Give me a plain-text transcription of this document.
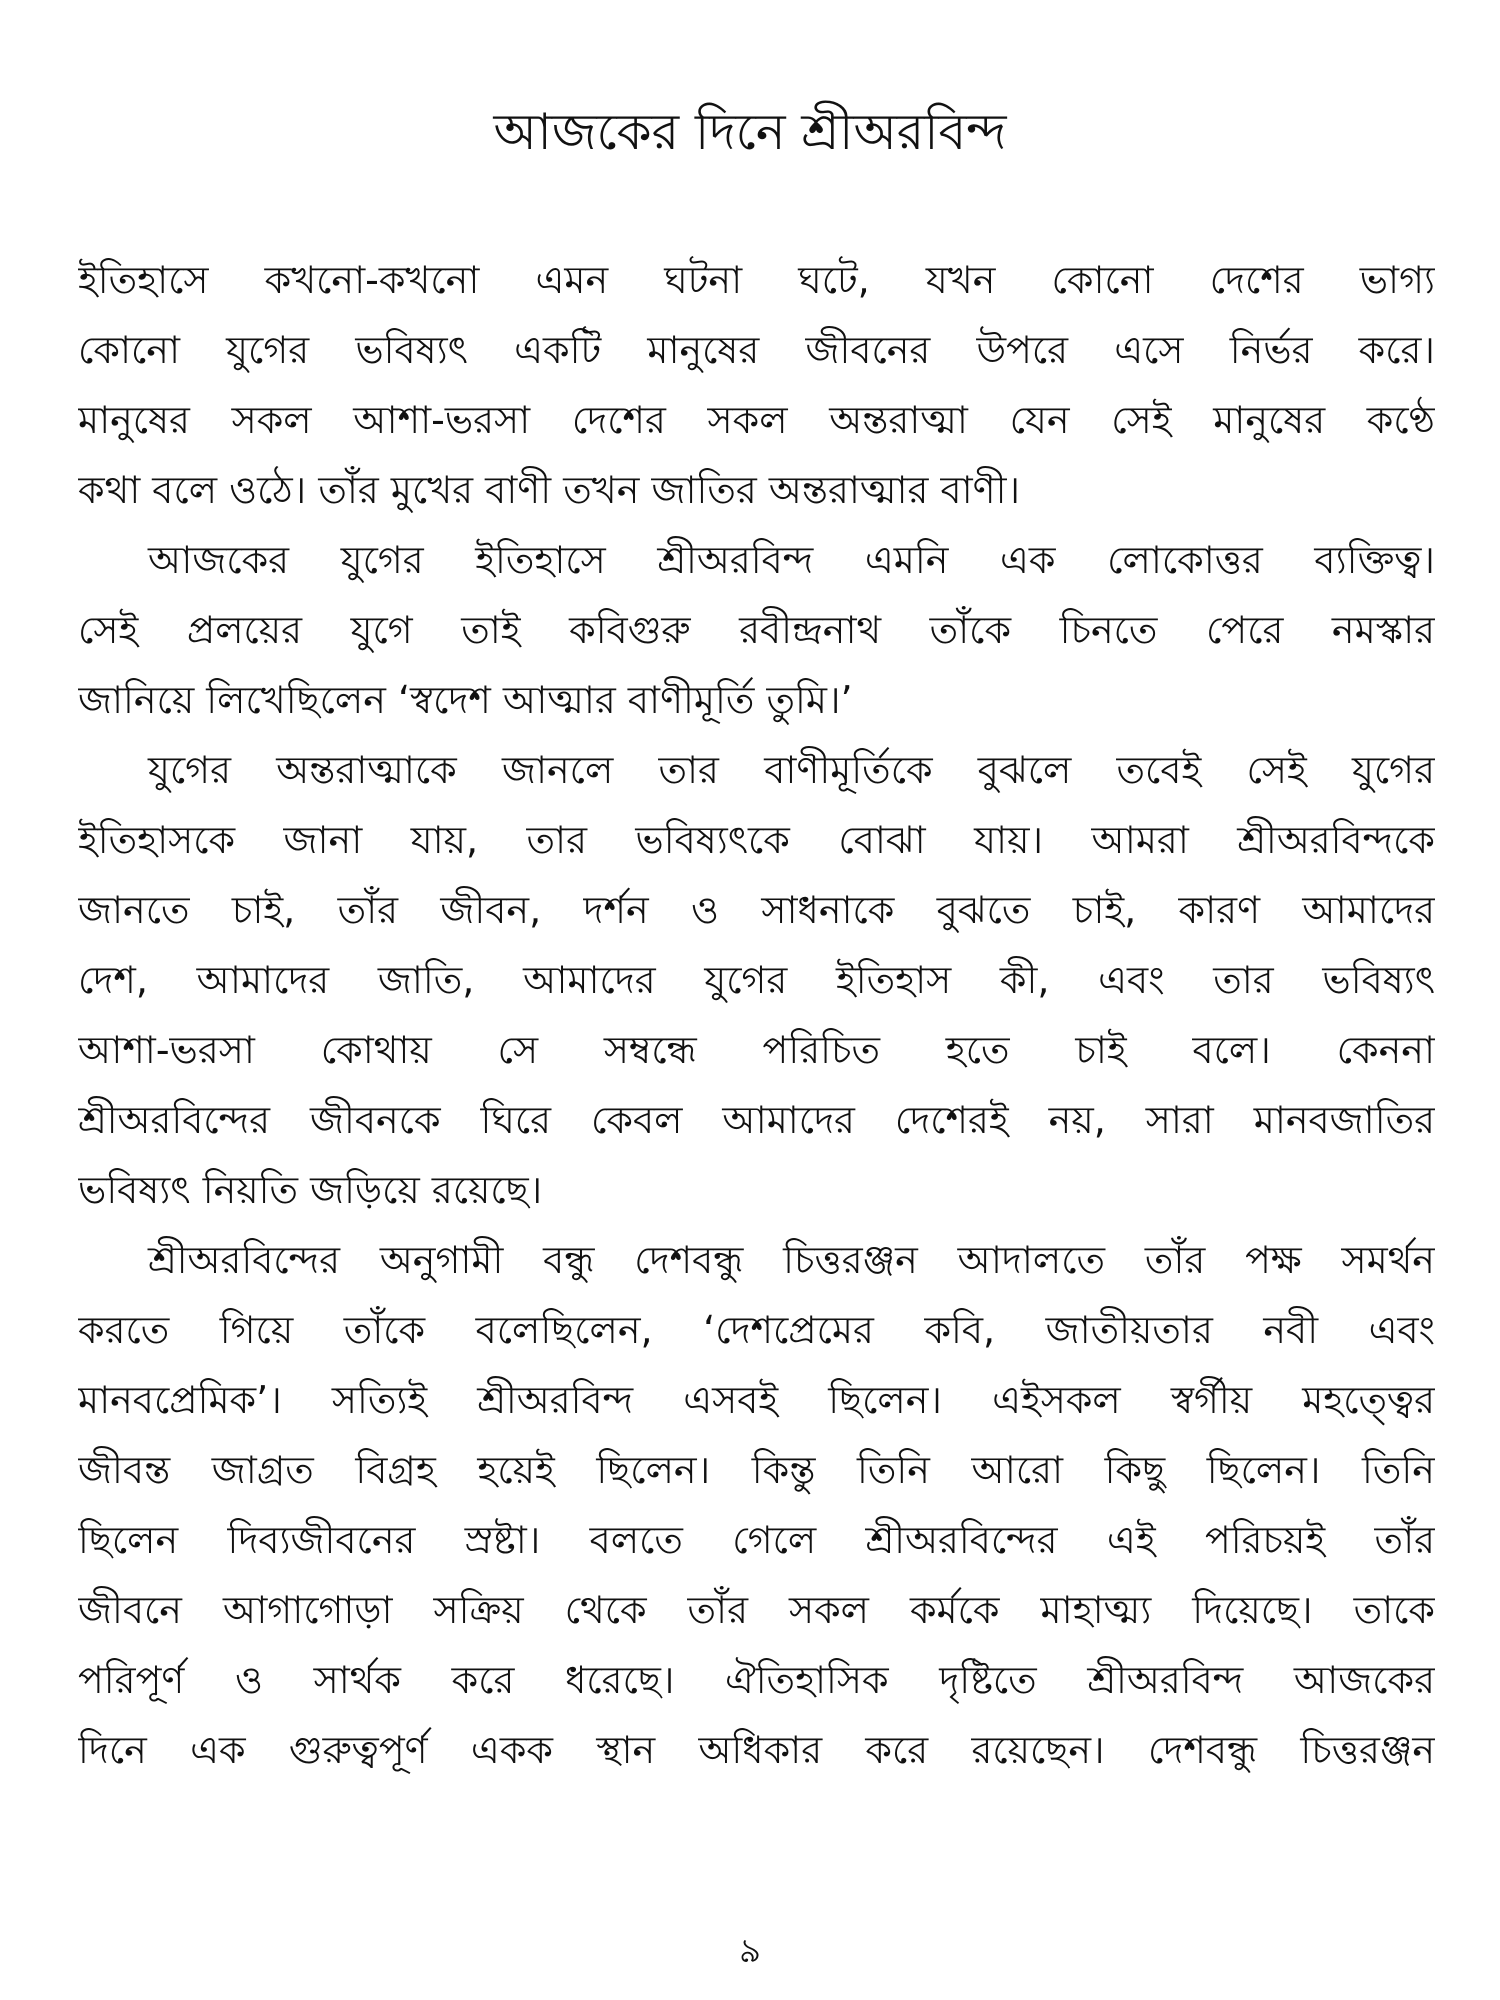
আজকের দিনে শ্রীঅরবিন্দ
ইতিহাসে কখনো-কখনো এমন ঘটনা ঘটে, যখন কোনো দেশের ভাগ্য
কোনো যুগের ভবিষ্যৎ একটি মানুষের জীবনের উপরে এসে নির্ভর করে।
মানুষের সকল আশা-ভরসা দেশের সকল অন্তরাত্মা যেন সেই মানুষের কণ্ঠে
কথা বলে ওঠে। তাঁর মুখের বাণী তখন জাতির অন্তরাত্মার বাণী।
আজকের যুগের ইতিহাসে শ্রীঅরবিন্দ এমনি এক লোকোত্তর ব্যক্তিত্ব।
সেই প্রলয়ের যুগে তাই কবিগুরু রবীন্দ্রনাথ তাঁকে চিনতে পেরে নমস্কার
জানিয়ে লিখেছিলেন ‘স্বদেশ আত্মার বাণীমূর্তি তুমি।’
যুগের অন্তরাত্মাকে জানলে তার বাণীমূর্তিকে বুঝলে তবেই সেই যুগের
ইতিহাসকে জানা যায়, তার ভবিষ্যৎকে বোঝা যায়। আমরা শ্রীঅরবিন্দকে
জানতে চাই, তাঁর জীবন, দর্শন ও সাধনাকে বুঝতে চাই, কারণ আমাদের
দেশ, আমাদের জাতি, আমাদের যুগের ইতিহাস কী, এবং তার ভবিষ্যৎ
আশা-ভরসা কোথায় সে সম্বন্ধে পরিচিত হতে চাই বলে। কেননা
শ্রীঅরবিন্দের জীবনকে ঘিরে কেবল আমাদের দেশেরই নয়, সারা মানবজাতির
ভবিষ্যৎ নিয়তি জড়িয়ে রয়েছে।
শ্রীঅরবিন্দের অনুগামী বন্ধু দেশবন্ধু চিত্তরঞ্জন আদালতে তাঁর পক্ষ সমর্থন
করতে গিয়ে তাঁকে বলেছিলেন, ‘দেশপ্রেমের কবি, জাতীয়তার নবী এবং
মানবপ্রেমিক’। সত্যিই শ্রীঅরবিন্দ এসবই ছিলেন। এইসকল স্বর্গীয় মহত্ত্বের
জীবন্ত জাগ্রত বিগ্রহ হয়েই ছিলেন। কিন্তু তিনি আরো কিছু ছিলেন। তিনি
ছিলেন দিব্যজীবনের স্রষ্টা। বলতে গেলে শ্রীঅরবিন্দের এই পরিচয়ই তাঁর
জীবনে আগাগোড়া সক্রিয় থেকে তাঁর সকল কর্মকে মাহাত্ম্য দিয়েছে। তাকে
পরিপূর্ণ ও সার্থক করে ধরেছে। ঐতিহাসিক দৃষ্টিতে শ্রীঅরবিন্দ আজকের
দিনে এক গুরুত্বপূর্ণ একক স্থান অধিকার করে রয়েছেন। দেশবন্ধু চিত্তরঞ্জন
৯
